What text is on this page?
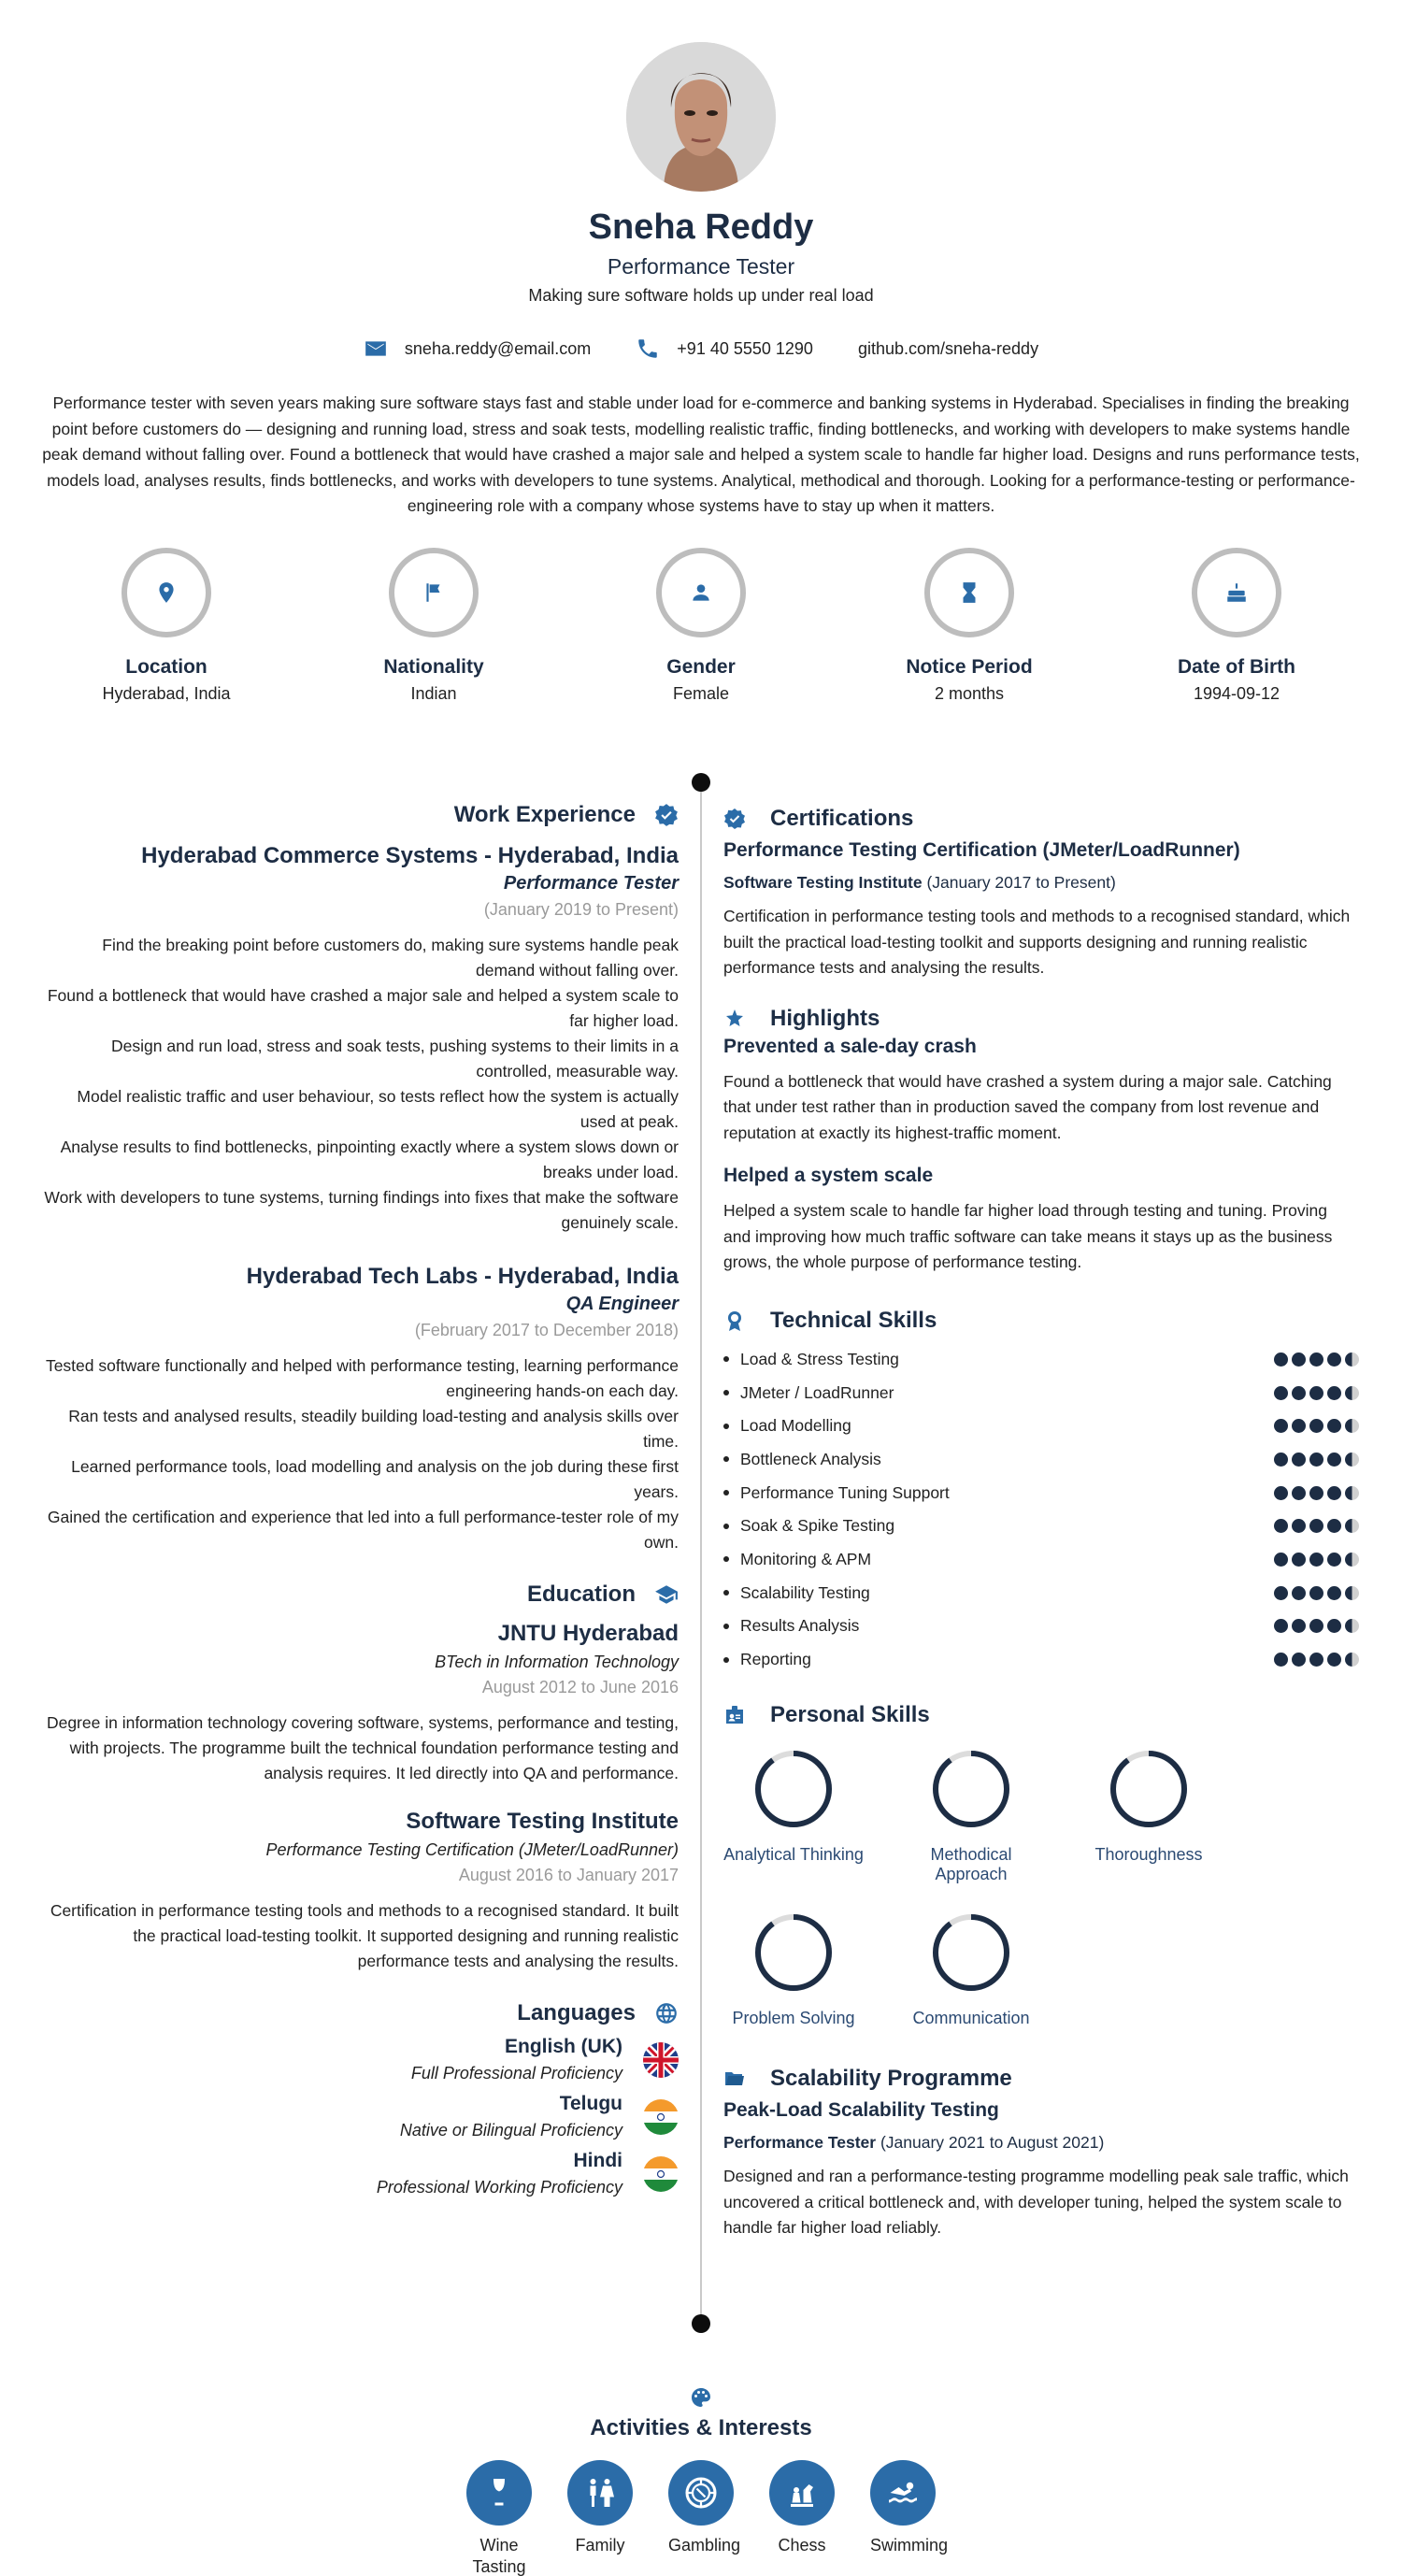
Sneha Reddy
Performance Tester
Making sure software holds up under real load
sneha.reddy@email.com	+91 40 5550 1290	github.com/sneha-reddy
Performance tester with seven years making sure software stays fast and stable under load for e-commerce and banking systems in Hyderabad. Specialises in finding the breaking point before customers do — designing and running load, stress and soak tests, modelling realistic traffic, finding bottlenecks, and working with developers to make systems handle peak demand without falling over. Found a bottleneck that would have crashed a major sale and helped a system scale to handle far higher load. Designs and runs performance tests, models load, analyses results, finds bottlenecks, and works with developers to tune systems. Analytical, methodical and thorough. Looking for a performance-testing or performance-engineering role with a company whose systems have to stay up when it matters.
Location
Hyderabad, India
Nationality
Indian
Gender
Female
Notice Period
2 months
Date of Birth
1994-09-12
Work Experience
Hyderabad Commerce Systems - Hyderabad, India
Performance Tester
(January 2019 to Present)
Find the breaking point before customers do, making sure systems handle peak demand without falling over.
Found a bottleneck that would have crashed a major sale and helped a system scale to far higher load.
Design and run load, stress and soak tests, pushing systems to their limits in a controlled, measurable way.
Model realistic traffic and user behaviour, so tests reflect how the system is actually used at peak.
Analyse results to find bottlenecks, pinpointing exactly where a system slows down or breaks under load.
Work with developers to tune systems, turning findings into fixes that make the software genuinely scale.
Hyderabad Tech Labs - Hyderabad, India
QA Engineer
(February 2017 to December 2018)
Tested software functionally and helped with performance testing, learning performance engineering hands-on each day.
Ran tests and analysed results, steadily building load-testing and analysis skills over time.
Learned performance tools, load modelling and analysis on the job during these first years.
Gained the certification and experience that led into a full performance-tester role of my own.
Education
JNTU Hyderabad
BTech in Information Technology
August 2012 to June 2016
Degree in information technology covering software, systems, performance and testing, with projects. The programme built the technical foundation performance testing and analysis requires. It led directly into QA and performance.
Software Testing Institute
Performance Testing Certification (JMeter/LoadRunner)
August 2016 to January 2017
Certification in performance testing tools and methods to a recognised standard. It built the practical load-testing toolkit. It supported designing and running realistic performance tests and analysing the results.
Languages
English (UK)
Full Professional Proficiency
Telugu
Native or Bilingual Proficiency
Hindi
Professional Working Proficiency
Certifications
Performance Testing Certification (JMeter/LoadRunner)
Software Testing Institute (January 2017 to Present)
Certification in performance testing tools and methods to a recognised standard, which built the practical load-testing toolkit and supports designing and running realistic performance tests and analysing the results.
Highlights
Prevented a sale-day crash
Found a bottleneck that would have crashed a system during a major sale. Catching that under test rather than in production saved the company from lost revenue and reputation at exactly its highest-traffic moment.
Helped a system scale
Helped a system scale to handle far higher load through testing and tuning. Proving and improving how much traffic software can take means it stays up as the business grows, the whole purpose of performance testing.
Technical Skills
Load & Stress Testing
JMeter / LoadRunner
Load Modelling
Bottleneck Analysis
Performance Tuning Support
Soak & Spike Testing
Monitoring & APM
Scalability Testing
Results Analysis
Reporting
Personal Skills
Analytical Thinking	Methodical Approach
Thoroughness
Problem Solving	Communication
Scalability Programme
Peak-Load Scalability Testing
Performance Tester (January 2021 to August 2021)
Designed and ran a performance-testing programme modelling peak sale traffic, which uncovered a critical bottleneck and, with developer tuning, helped the system scale to handle far higher load reliably.
Activities & Interests
Wine Tasting
Family	Gambling	Chess	Swimming
